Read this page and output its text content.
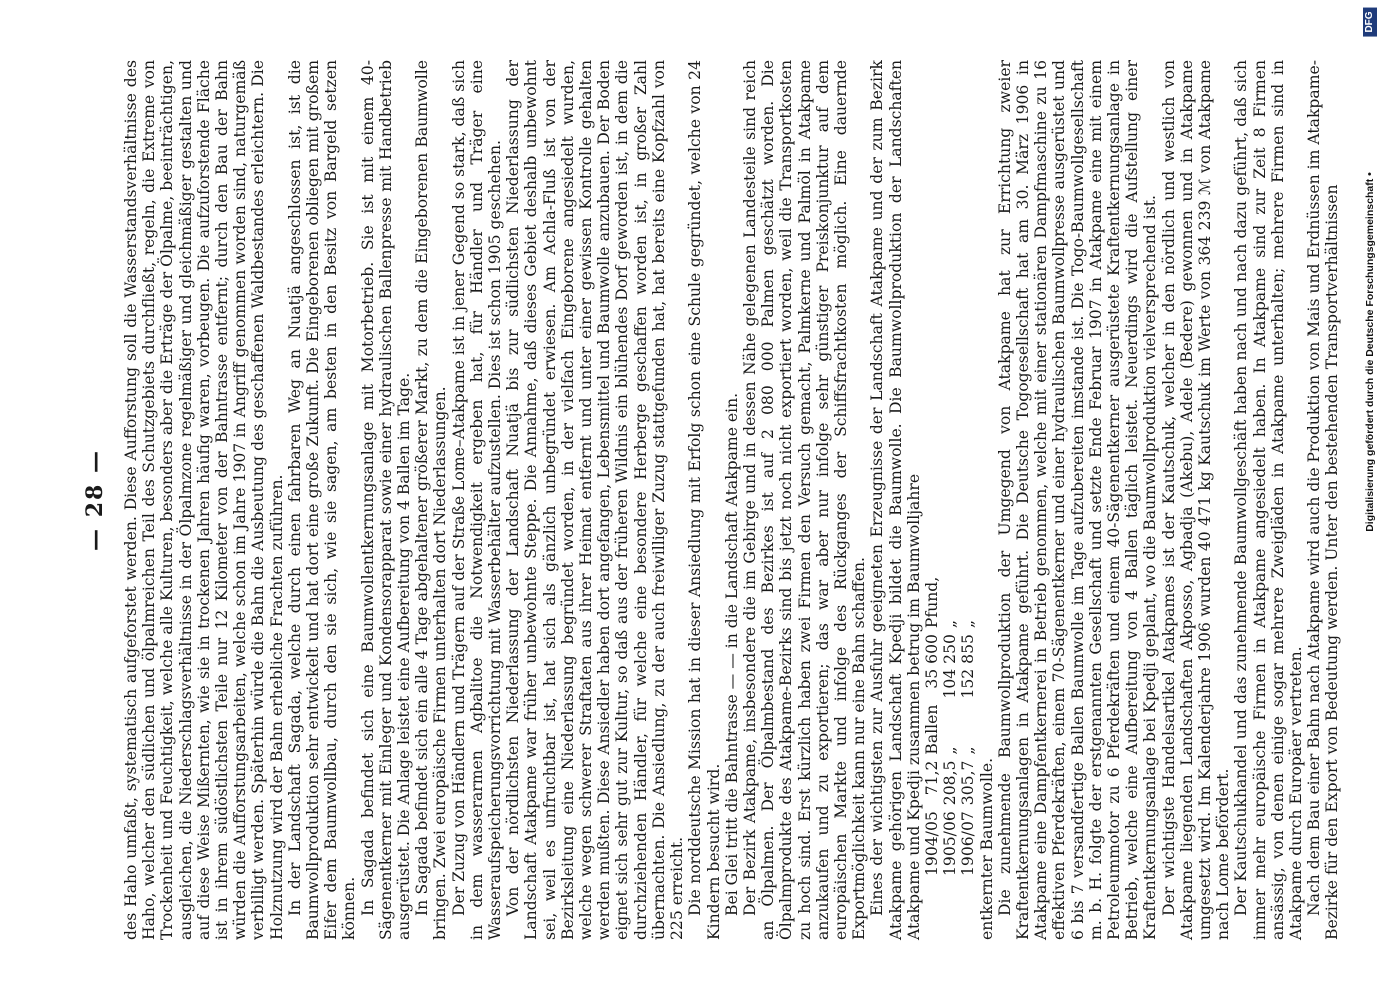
— 28 — des Haho umfaßt, systematisch aufgeforstet werden. Diese Aufforstung soll die Wasserstandsverhältnisse des Haho, welcher den südlichen und ölpalmreichen Teil des Schutzgebiets durchfließt, regeln, die Extreme von Trockenheit und Feuchtigkeit, welche alle Kulturen, besonders aber die Erträge der Ölpalme, beeinträchtigen, ausgleichen, die Niederschlagsverhältnisse in der Ölpalmzone regelmäßiger und gleichmäßiger gestalten und auf diese Weise Mißernten, wie sie in trockenen Jahren häufig waren, vorbeugen. Die aufzuforstende Fläche ist in ihrem südöstlichsten Teile nur 12 Kilometer von der Bahntrasse entfernt; durch den Bau der Bahn würden die Aufforstungsarbeiten, welche schon im Jahre 1907 in Angriff genommen worden sind, naturgemäß verbilligt werden. Späterhin würde die Bahn die Ausbeutung des geschaffenen Waldbestandes erleichtern. Die Holznutzung wird der Bahn erhebliche Frachten zuführen. In der Landschaft Sagada, welche durch einen fahrbaren Weg an Nuatjä angeschlossen ist, ist die Baumwollproduktion sehr entwickelt und hat dort eine große Zukunft. Die Eingeborenen obliegen mit großem Eifer dem Baumwollbau, durch den sie sich, wie sie sagen, am besten in den Besitz von Bargeld setzen können. In Sagada befindet sich eine Baumwollentkernungsanlage mit Motorbetrieb. Sie ist mit einem 40-Sägenentkerner mit Einleger und Kondensorapparat sowie einer hydraulischen Ballenpresse mit Handbetrieb ausgerüstet. Die Anlage leistet eine Aufbereitung von 4 Ballen im Tage. In Sagada befindet sich ein alle 4 Tage abgehaltener größerer Markt, zu dem die Eingeborenen Baumwolle bringen. Zwei europäische Firmen unterhalten dort Niederlassungen. Der Zuzug von Händlern und Trägern auf der Straße Lome–Atakpame ist in jener Gegend so stark, daß sich in dem wasserarmen Agbalitoe die Notwendigkeit ergeben hat, für Händler und Träger eine Wasseraufspeicherungsvorrichtung mit Wasserbehälter aufzustellen. Dies ist schon 1905 geschehen. Von der nördlichsten Niederlassung der Landschaft Nuatjä bis zur südlichsten Niederlassung der Landschaft Atakpame war früher unbewohnte Steppe. Die Annahme, daß dieses Gebiet deshalb unbewohnt sei, weil es unfruchtbar ist, hat sich als gänzlich unbegründet erwiesen. Am Achla-Fluß ist von der Bezirksleitung eine Niederlassung begründet worden, in der vielfach Eingeborene angesiedelt wurden, welche wegen schwerer Straftaten aus ihrer Heimat entfernt und unter einer gewissen Kontrolle gehalten werden mußten. Diese Ansiedler haben dort angefangen, Lebensmittel und Baumwolle anzubauen. Der Boden eignet sich sehr gut zur Kultur, so daß aus der früheren Wildnis ein blühendes Dorf geworden ist, in dem die durchziehenden Händler, für welche eine besondere Herberge geschaffen worden ist, in großer Zahl übernachten. Die Ansiedlung, zu der auch freiwilliger Zuzug stattgefunden hat, hat bereits eine Kopfzahl von 225 erreicht. Die norddeutsche Mission hat in dieser Ansiedlung mit Erfolg schon eine Schule gegründet, welche von 24 Kindern besucht wird. Bei Glei tritt die Bahntrasse — — in die Landschaft Atakpame ein. Der Bezirk Atakpame, insbesondere die im Gebirge und in dessen Nähe gelegenen Landesteile sind reich an Ölpalmen. Der Ölpalmbestand des Bezirkes ist auf 2 080 000 Palmen geschätzt worden. Die Ölpalmprodukte des Atakpame-Bezirks sind bis jetzt noch nicht exportiert worden, weil die Transportkosten zu hoch sind. Erst kürzlich haben zwei Firmen den Versuch gemacht, Palmkerne und Palmöl in Atakpame anzukaufen und zu exportieren; das war aber nur infolge sehr günstiger Preiskonjunktur auf dem europäischen Markte und infolge des Rückganges der Schiffsfrachtkosten möglich. Eine dauernde Exportmöglichkeit kann nur eine Bahn schaffen. Eines der wichtigsten zur Ausfuhr geeigneten Erzeugnisse der Landschaft Atakpame und der zum Bezirk Atakpame gehörigen Landschaft Kpedji bildet die Baumwolle. Die Baumwollproduktion der Landschaften Atakpame und Kpedji zusammen betrug im Baumwolljahre 1904/05	71,2	Ballen	35 600	Pfund,
1905/06	208,5	„	104 250	„
1906/07	305,7	„	152 855	„

entkernter Baumwolle. Die zunehmende Baumwollproduktion der Umgegend von Atakpame hat zur Errichtung zweier Kraftentkernungsanlagen in Atakpame geführt. Die Deutsche Togogesellschaft hat am 30. März 1906 in Atakpame eine Dampfentkernerei in Betrieb genommen, welche mit einer stationären Dampfmaschine zu 16 effektiven Pferdekräften, einem 70-Sägenentkerner und einer hydraulischen Baumwollpresse ausgerüstet und 6 bis 7 versandfertige Ballen Baumwolle im Tage aufzubereiten imstande ist. Die Togo-Baumwollgesellschaft m. b. H. folgte der erstgenannten Gesellschaft und setzte Ende Februar 1907 in Atakpame eine mit einem Petroleummotor zu 6 Pferdekräften und einem 40-Sägenentkerner ausgerüstete Kraftentkernungsanlage in Betrieb, welche eine Aufbereitung von 4 Ballen täglich leistet. Neuerdings wird die Aufstellung einer Kraftentkernungsanlage bei Kpedji geplant, wo die Baumwollproduktion vielversprechend ist. Der wichtigste Handelsartikel Atakpames ist der Kautschuk, welcher in den nördlich und westlich von Atakpame liegenden Landschaften Akposso, Agbadja (Akebu), Adele (Bedere) gewonnen und in Atakpame umgesetzt wird. Im Kalenderjahre 1906 wurden 40 471 kg Kautschuk im Werte von 364 239 ℳ von Atakpame nach Lome befördert. Der Kautschukhandel und das zunehmende Baumwollgeschäft haben nach und nach dazu geführt, daß sich immer mehr europäische Firmen in Atakpame angesiedelt haben. In Atakpame sind zur Zeit 8 Firmen ansässig, von denen einige sogar mehrere Zweigläden in Atakpame unterhalten; mehrere Firmen sind in Atakpame durch Europäer vertreten. Nach dem Bau einer Bahn nach Atakpame wird auch die Produktion von Mais und Erdnüssen im Atakpame-Bezirke für den Export von Bedeutung werden. Unter den bestehenden Transportverhältnissen Digitalisierung gefördert durch die Deutsche Forschungsgemeinschaft •
DFG
